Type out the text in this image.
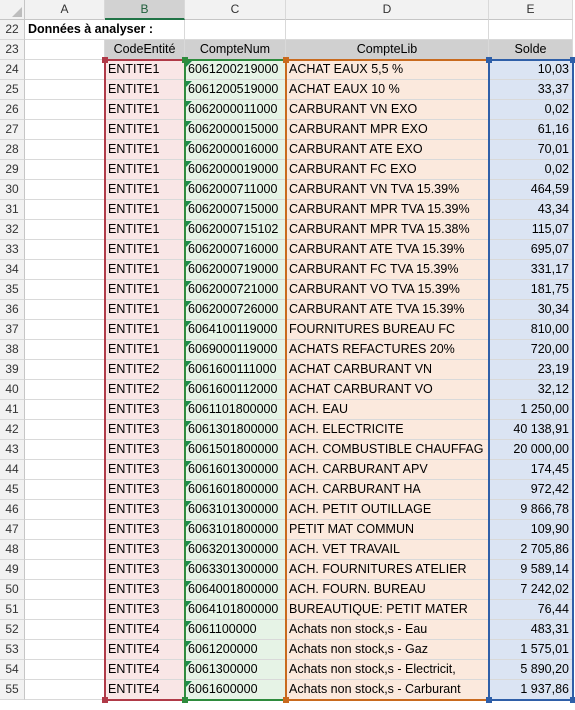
A	B	C	D	E
22 Données à analyser :
23	CodeEntité	CompteNum	CompteLib	Solde
24	ENTITE1	6061200219000 ACHAT EAUX 5,5 %	10,03
25	ENTITE1	6061200519000 ACHAT EAUX 10 %	33,37
26	ENTITE1	6062000011000 CARBURANT VN EXO	0,02
27	ENTITE1	6062000015000 CARBURANT MPR EXO	61,16
28	ENTITE1	6062000016000 CARBURANT ATE EXO	70,01
29	ENTITE1	6062000019000 CARBURANT FC EXO	0,02
30	ENTITE1	6062000711000 CARBURANT VN TVA 15.39%	464,59
31	ENTITE1	6062000715000 CARBURANT MPR TVA 15.39%	43,34
32	ENTITE1	6062000715102 CARBURANT MPR TVA 15.38%	115,07
33	ENTITE1	6062000716000 CARBURANT ATE TVA 15.39%	695,07
34	ENTITE1	6062000719000 CARBURANT FC TVA 15.39%	331,17
35	ENTITE1	6062000721000 CARBURANT VO TVA 15.39%	181,75
36	ENTITE1	6062000726000 CARBURANT ATE TVA 15.39%	30,34
37	ENTITE1	6064100119000 FOURNITURES BUREAU FC	810,00
38	ENTITE1	6069000119000 ACHATS REFACTURES 20%	720,00
39	ENTITE2	6061600111000 ACHAT CARBURANT VN	23,19
40	ENTITE2	6061600112000 ACHAT CARBURANT VO	32,12
41	ENTITE3	6061101800000 ACH. EAU	1 250,00
42	ENTITE3	6061301800000 ACH. ELECTRICITE	40 138,91
43	ENTITE3	6061501800000 ACH. COMBUSTIBLE CHAUFFAG	20 000,00
44	ENTITE3	6061601300000 ACH. CARBURANT APV	174,45
45	ENTITE3	6061601800000 ACH. CARBURANT HA	972,42
46	ENTITE3	6063101300000 ACH. PETIT OUTILLAGE	9 866,78
47	ENTITE3	6063101800000 PETIT MAT COMMUN	109,90
48	ENTITE3	6063201300000 ACH. VET TRAVAIL	2 705,86
49	ENTITE3	6063301300000 ACH. FOURNITURES ATELIER	9 589,14
50	ENTITE3	6064001800000 ACH. FOURN. BUREAU	7 242,02
51	ENTITE3	6064101800000 BUREAUTIQUE: PETIT MATER	76,44
52	ENTITE4	6061100000	Achats non stock,s - Eau	483,31
53	ENTITE4	6061200000	Achats non stock,s - Gaz	1 575,01
54	ENTITE4	6061300000	Achats non stock,s - Electricit,	5 890,20
55	ENTITE4	6061600000	Achats non stock,s - Carburant	1 937,86
